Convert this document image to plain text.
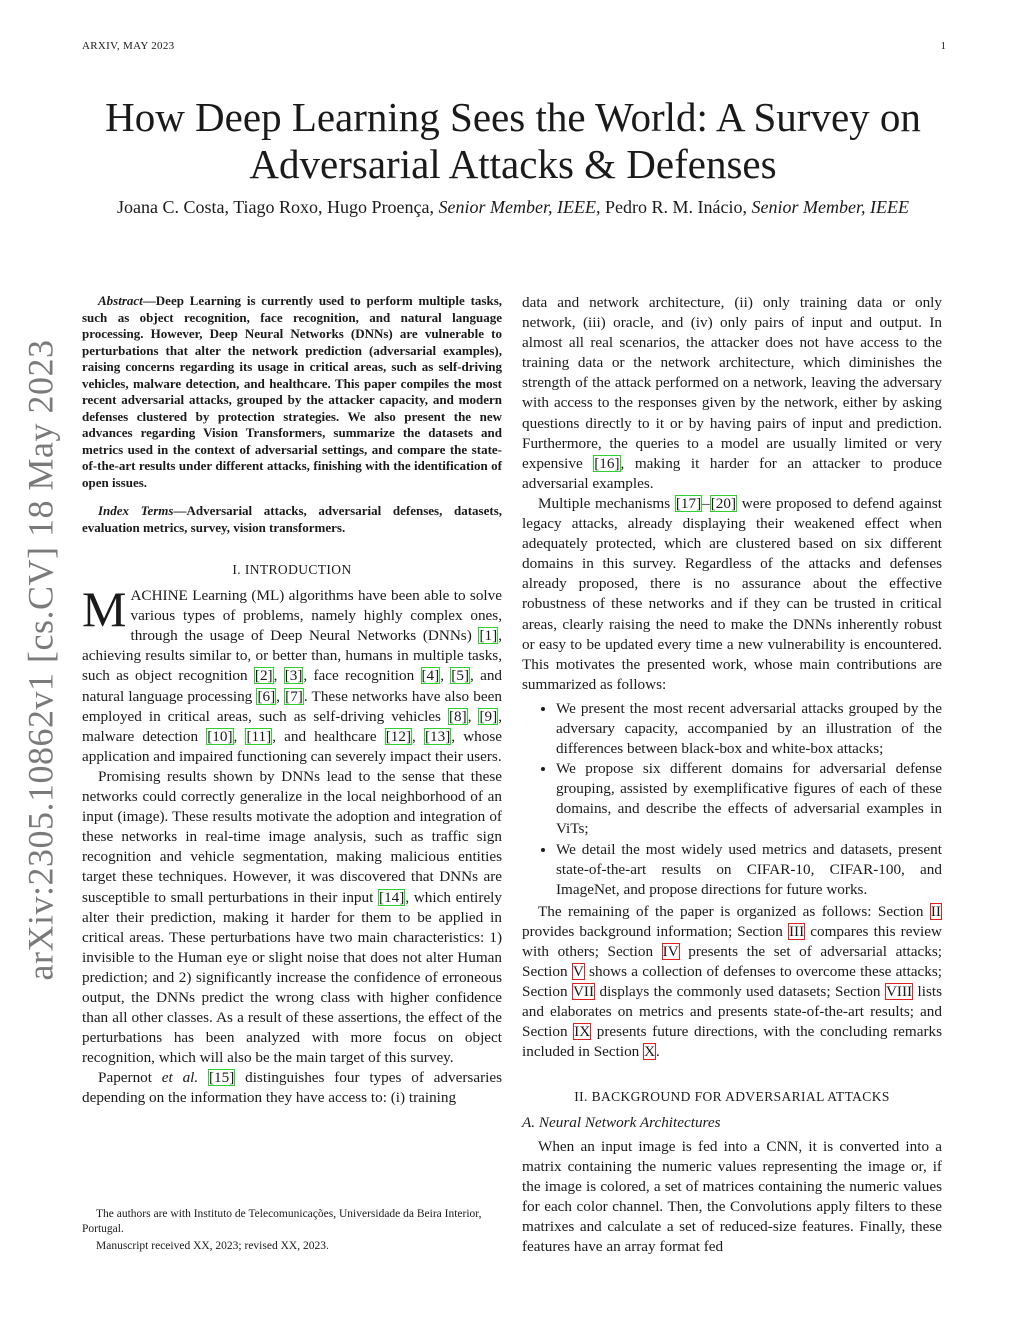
ARXIV, MAY 2023	1
arXiv:2305.10862v1 [cs.CV] 18 May 2023
How Deep Learning Sees the World: A Survey on Adversarial Attacks & Defenses
Joana C. Costa, Tiago Roxo, Hugo Proença, Senior Member, IEEE, Pedro R. M. Inácio, Senior Member, IEEE

Abstract—Deep Learning is currently used to perform multiple tasks, such as object recognition, face recognition, and natural language processing. However, Deep Neural Networks (DNNs) are vulnerable to perturbations that alter the network prediction (adversarial examples), raising concerns regarding its usage in critical areas, such as self-driving vehicles, malware detection, and healthcare. This paper compiles the most recent adversarial attacks, grouped by the attacker capacity, and modern defenses clustered by protection strategies. We also present the new advances regarding Vision Transformers, summarize the datasets and metrics used in the context of adversarial settings, and compare the state-of-the-art results under different attacks, finishing with the identification of open issues.

Index Terms—Adversarial attacks, adversarial defenses, datasets, evaluation metrics, survey, vision transformers.

I. INTRODUCTION

MACHINE Learning (ML) algorithms have been able to solve various types of problems, namely highly complex ones, through the usage of Deep Neural Networks (DNNs) [1], achieving results similar to, or better than, humans in multiple tasks, such as object recognition [2], [3], face recognition [4], [5], and natural language processing [6], [7]. These networks have also been employed in critical areas, such as self-driving vehicles [8], [9], malware detection [10], [11], and healthcare [12], [13], whose application and impaired functioning can severely impact their users.

Promising results shown by DNNs lead to the sense that these networks could correctly generalize in the local neighborhood of an input (image). These results motivate the adoption and integration of these networks in real-time image analysis, such as traffic sign recognition and vehicle segmentation, making malicious entities target these techniques. However, it was discovered that DNNs are susceptible to small perturbations in their input [14], which entirely alter their prediction, making it harder for them to be applied in critical areas. These perturbations have two main characteristics: 1) invisible to the Human eye or slight noise that does not alter Human prediction; and 2) significantly increase the confidence of erroneous output, the DNNs predict the wrong class with higher confidence than all other classes. As a result of these assertions, the effect of the perturbations has been analyzed with more focus on object recognition, which will also be the main target of this survey.

Papernot et al. [15] distinguishes four types of adversaries depending on the information they have access to: (i) training

The authors are with Instituto de Telecomunicações, Universidade da Beira Interior, Portugal.

Manuscript received XX, 2023; revised XX, 2023.

data and network architecture, (ii) only training data or only network, (iii) oracle, and (iv) only pairs of input and output. In almost all real scenarios, the attacker does not have access to the training data or the network architecture, which diminishes the strength of the attack performed on a network, leaving the adversary with access to the responses given by the network, either by asking questions directly to it or by having pairs of input and prediction. Furthermore, the queries to a model are usually limited or very expensive [16], making it harder for an attacker to produce adversarial examples.

Multiple mechanisms [17]–[20] were proposed to defend against legacy attacks, already displaying their weakened effect when adequately protected, which are clustered based on six different domains in this survey. Regardless of the attacks and defenses already proposed, there is no assurance about the effective robustness of these networks and if they can be trusted in critical areas, clearly raising the need to make the DNNs inherently robust or easy to be updated every time a new vulnerability is encountered. This motivates the presented work, whose main contributions are summarized as follows:

• We present the most recent adversarial attacks grouped by the adversary capacity, accompanied by an illustration of the differences between black-box and white-box attacks;
• We propose six different domains for adversarial defense grouping, assisted by exemplificative figures of each of these domains, and describe the effects of adversarial examples in ViTs;
• We detail the most widely used metrics and datasets, present state-of-the-art results on CIFAR-10, CIFAR-100, and ImageNet, and propose directions for future works.

The remaining of the paper is organized as follows: Section II provides background information; Section III compares this review with others; Section IV presents the set of adversarial attacks; Section V shows a collection of defenses to overcome these attacks; Section VII displays the commonly used datasets; Section VIII lists and elaborates on metrics and presents state-of-the-art results; and Section IX presents future directions, with the concluding remarks included in Section X.

II. BACKGROUND FOR ADVERSARIAL ATTACKS
A. Neural Network Architectures

When an input image is fed into a CNN, it is converted into a matrix containing the numeric values representing the image or, if the image is colored, a set of matrices containing the numeric values for each color channel. Then, the Convolutions apply filters to these matrixes and calculate a set of reduced-size features. Finally, these features have an array format fed
